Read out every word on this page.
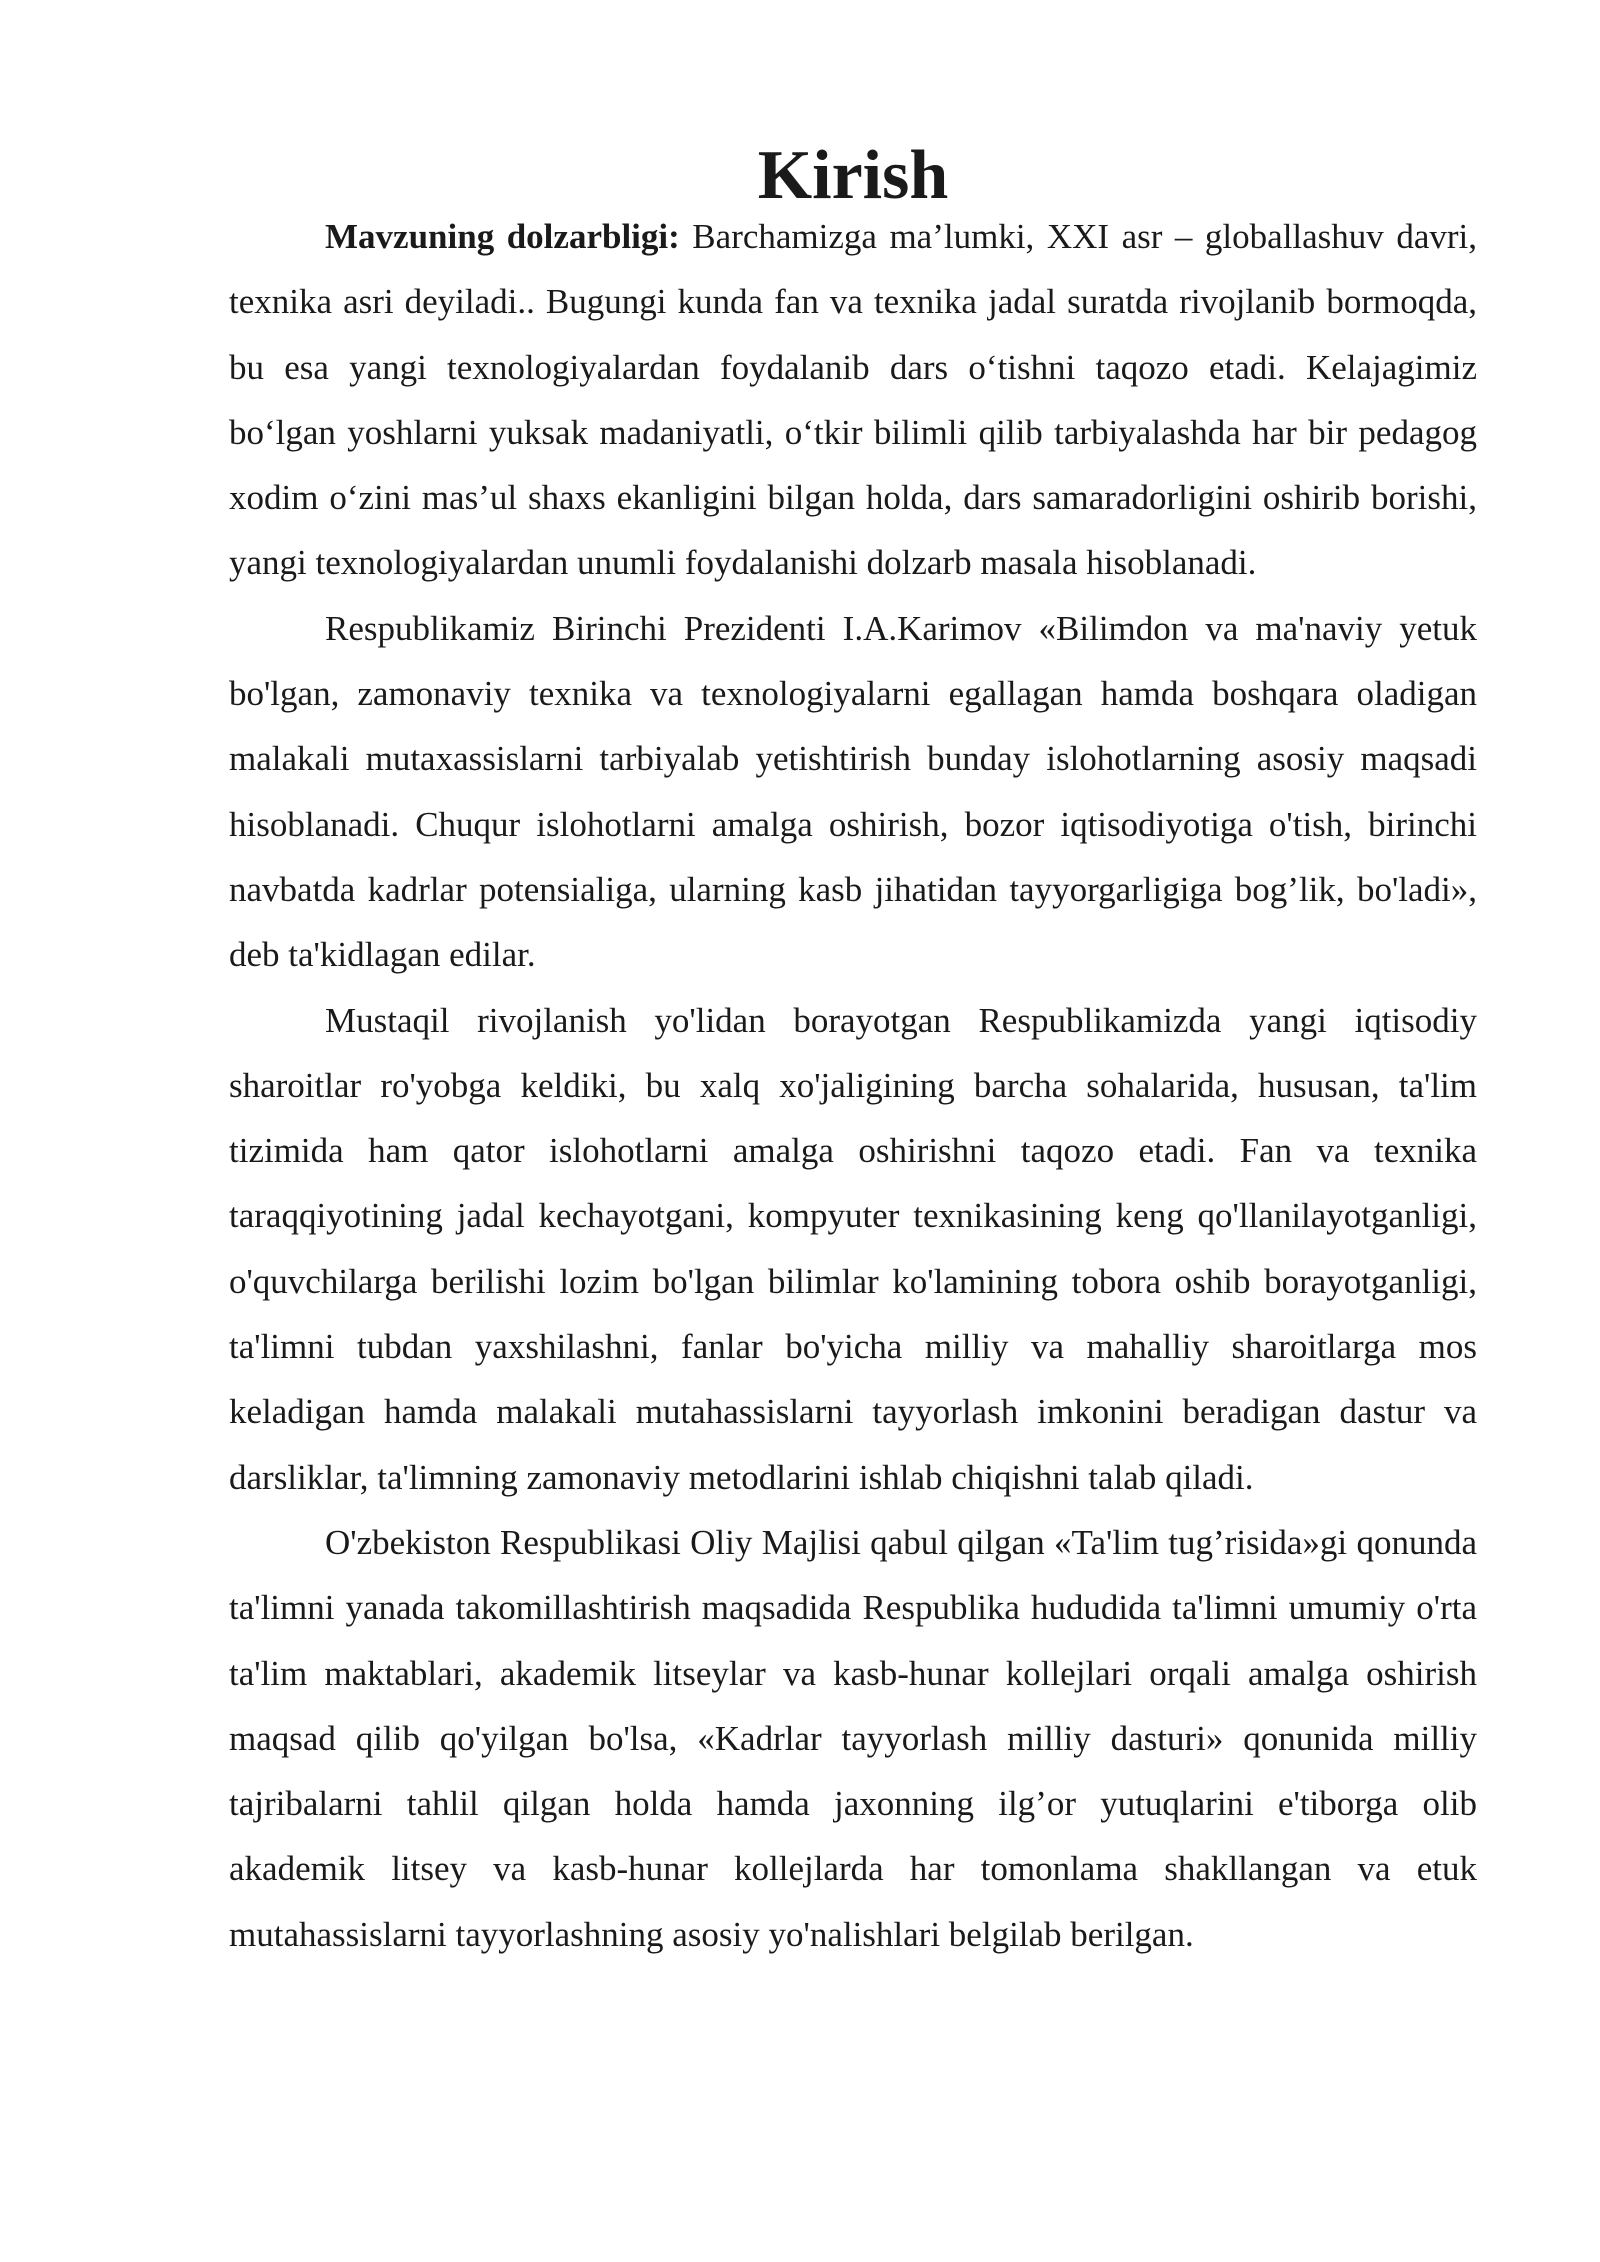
Kirish

Mavzuning dolzarbligi: Barchamizga ma’lumki, XXI asr – globallashuv davri, texnika asri deyiladi.. Bugungi kunda fan va texnika jadal suratda rivojlanib bormoqda, bu esa yangi texnologiyalardan foydalanib dars o‘tishni taqozo etadi. Kelajagimiz bo‘lgan yoshlarni yuksak madaniyatli, o‘tkir bilimli qilib tarbiyalashda har bir pedagog xodim o‘zini mas’ul shaxs ekanligini bilgan holda, dars samaradorligini oshirib borishi, yangi texnologiyalardan unumli foydalanishi dolzarb masala hisoblanadi.

Respublikamiz Birinchi Prezidenti I.A.Karimov «Bilimdon va ma'naviy yetuk bo'lgan, zamonaviy texnika va texnologiyalarni egallagan hamda boshqara oladigan malakali mutaxassislarni tarbiyalab yetishtirish bunday islohotlarning asosiy maqsadi hisoblanadi. Chuqur islohotlarni amalga oshirish, bozor iqtisodiyotiga o'tish, birinchi navbatda kadrlar potensialiga, ularning kasb jihatidan tayyorgarligiga bog’lik, bo'ladi», deb ta'kidlagan edilar.

Mustaqil rivojlanish yo'lidan borayotgan Respublikamizda yangi iqtisodiy sharoitlar ro'yobga keldiki, bu xalq xo'jaligining barcha sohalarida, hususan, ta'lim tizimida ham qator islohotlarni amalga oshirishni taqozo etadi. Fan va texnika taraqqiyotining jadal kechayotgani, kompyuter texnikasining keng qo'llanilayotganligi, o'quvchilarga berilishi lozim bo'lgan bilimlar ko'lamining tobora oshib borayotganligi, ta'limni tubdan yaxshilashni, fanlar bo'yicha milliy va mahalliy sharoitlarga mos keladigan hamda malakali mutahassislarni tayyorlash imkonini beradigan dastur va darsliklar, ta'limning zamonaviy metodlarini ishlab chiqishni talab qiladi.

O'zbekiston Respublikasi Oliy Majlisi qabul qilgan «Ta'lim tug’risida»gi qonunda ta'limni yanada takomillashtirish maqsadida Respublika hududida ta'limni umumiy o'rta ta'lim maktablari, akademik litseylar va kasb-hunar kollejlari orqali amalga oshirish maqsad qilib qo'yilgan bo'lsa, «Kadrlar tayyorlash milliy dasturi» qonunida milliy tajribalarni tahlil qilgan holda hamda jaxonning ilg’or yutuqlarini e'tiborga olib akademik litsey va kasb-hunar kollejlarda har tomonlama shakllangan va etuk mutahassislarni tayyorlashning asosiy yo'nalishlari belgilab berilgan.
